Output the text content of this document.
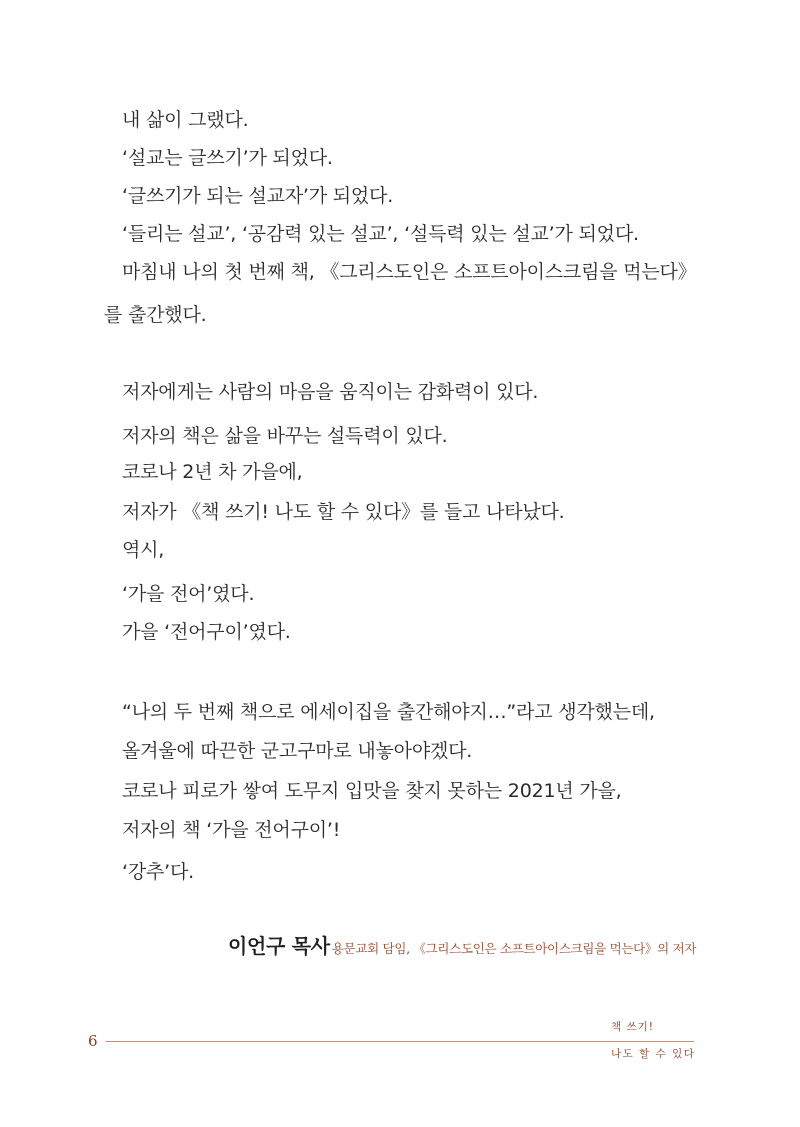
내 삶이 그랬다.
‘설교는 글쓰기’가 되었다.
‘글쓰기가 되는 설교자’가 되었다.
‘들리는 설교’, ‘공감력 있는 설교’, ‘설득력 있는 설교’가 되었다.
마침내 나의 첫 번째 책, 《그리스도인은 소프트아이스크림을 먹는다》
를 출간했다.
저자에게는 사람의 마음을 움직이는 감화력이 있다.
저자의 책은 삶을 바꾸는 설득력이 있다.
코로나 2년 차 가을에,
저자가 《책 쓰기! 나도 할 수 있다》를 들고 나타났다.
역시,
‘가을 전어’였다.
가을 ‘전어구이’였다.
“나의 두 번째 책으로 에세이집을 출간해야지…”라고 생각했는데,
올겨울에 따끈한 군고구마로 내놓아야겠다.
코로나 피로가 쌓여 도무지 입맛을 찾지 못하는 2021년 가을,
저자의 책 ‘가을 전어구이’!
‘강추’다.
이언구 목사 용문교회 담임, 《그리스도인은 소프트아이스크림을 먹는다》의 저자
6
책 쓰기!
나도 할 수 있다
